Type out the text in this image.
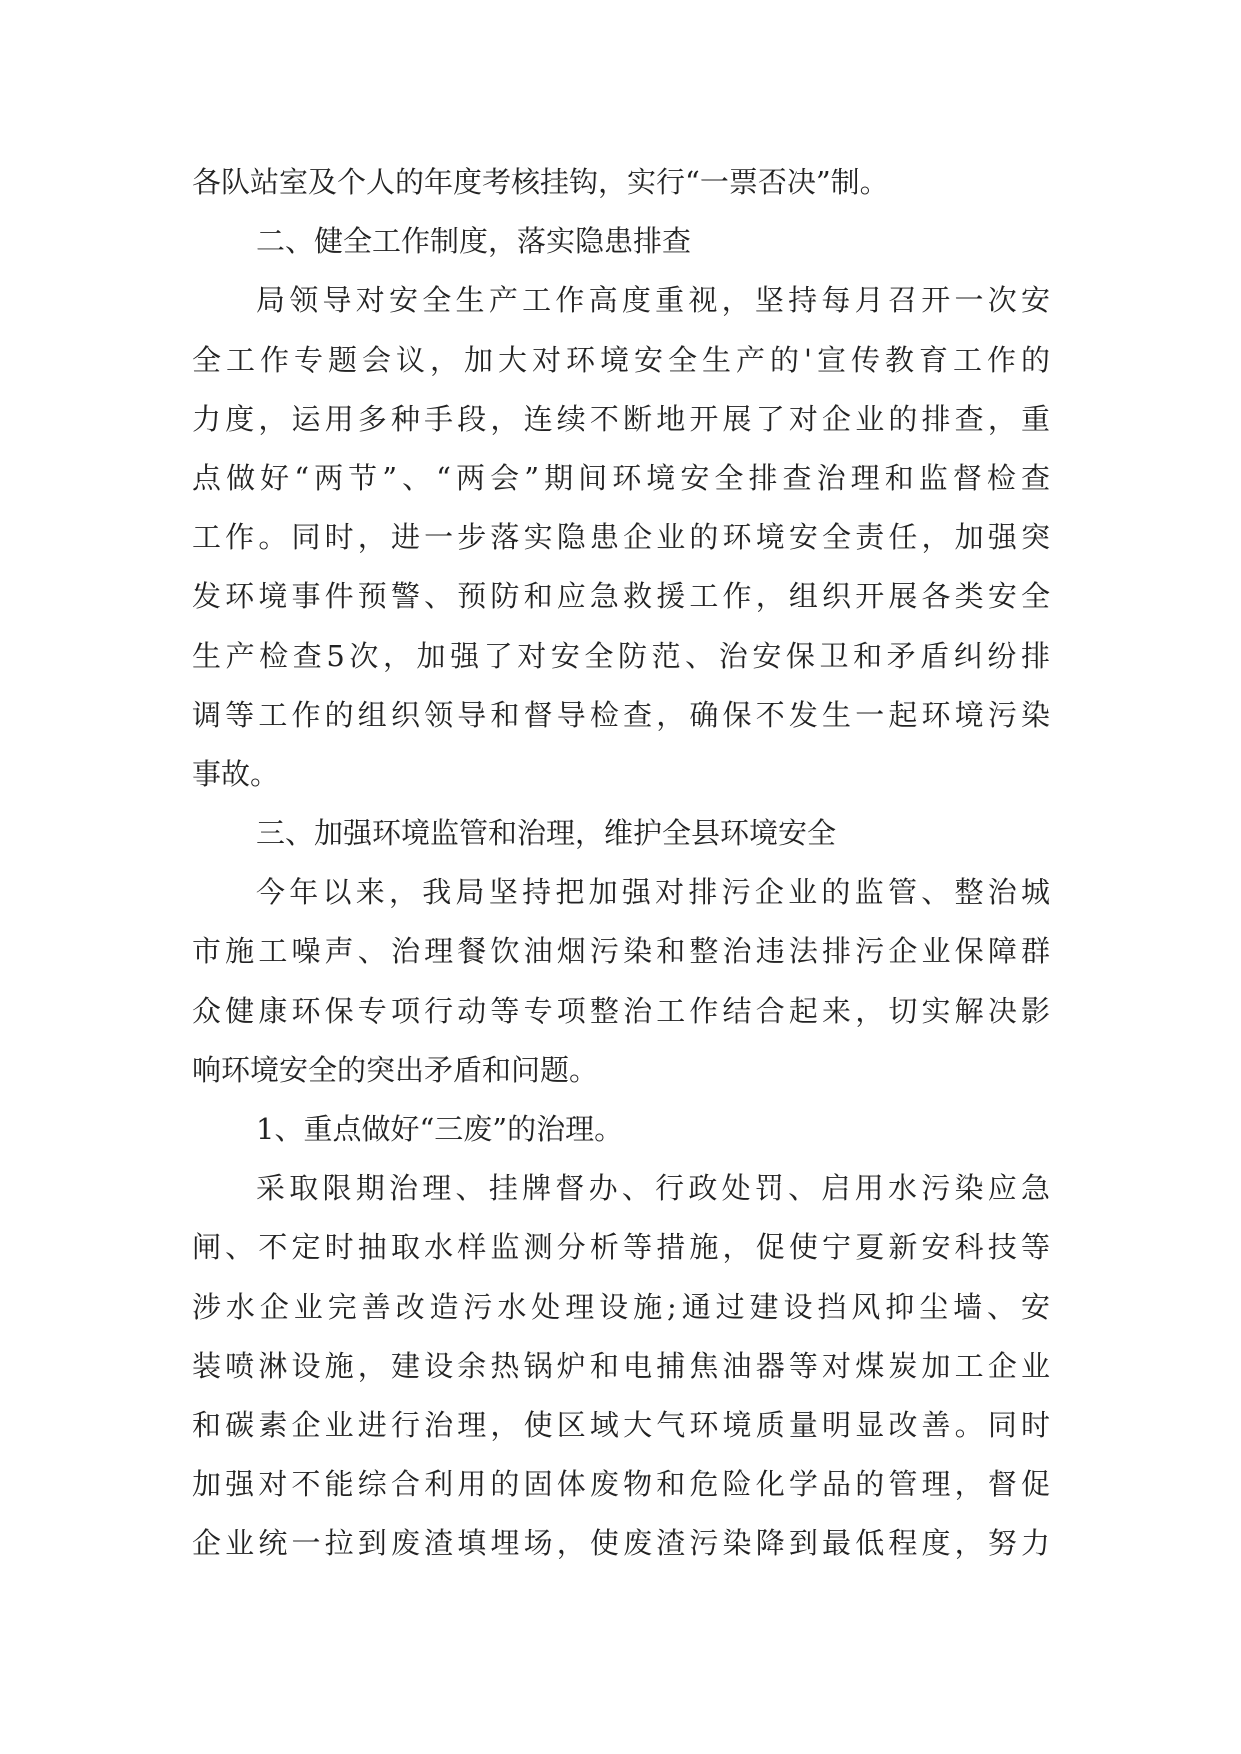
各队站室及个人的年度考核挂钩，实行“一票否决”制。
二、健全工作制度，落实隐患排查
局领导对安全生产工作高度重视，坚持每月召开一次安
全工作专题会议，加大对环境安全生产的'宣传教育工作的
力度，运用多种手段，连续不断地开展了对企业的排查，重
点做好“两节”、“两会”期间环境安全排查治理和监督检查
工作。同时，进一步落实隐患企业的环境安全责任，加强突
发环境事件预警、预防和应急救援工作，组织开展各类安全
生产检查5次，加强了对安全防范、治安保卫和矛盾纠纷排
调等工作的组织领导和督导检查，确保不发生一起环境污染
事故。
三、加强环境监管和治理，维护全县环境安全
今年以来，我局坚持把加强对排污企业的监管、整治城
市施工噪声、治理餐饮油烟污染和整治违法排污企业保障群
众健康环保专项行动等专项整治工作结合起来，切实解决影
响环境安全的突出矛盾和问题。
1、重点做好“三废”的治理。
采取限期治理、挂牌督办、行政处罚、启用水污染应急
闸、不定时抽取水样监测分析等措施，促使宁夏新安科技等
涉水企业完善改造污水处理设施;通过建设挡风抑尘墙、安
装喷淋设施，建设余热锅炉和电捕焦油器等对煤炭加工企业
和碳素企业进行治理，使区域大气环境质量明显改善。同时
加强对不能综合利用的固体废物和危险化学品的管理，督促
企业统一拉到废渣填埋场，使废渣污染降到最低程度，努力
